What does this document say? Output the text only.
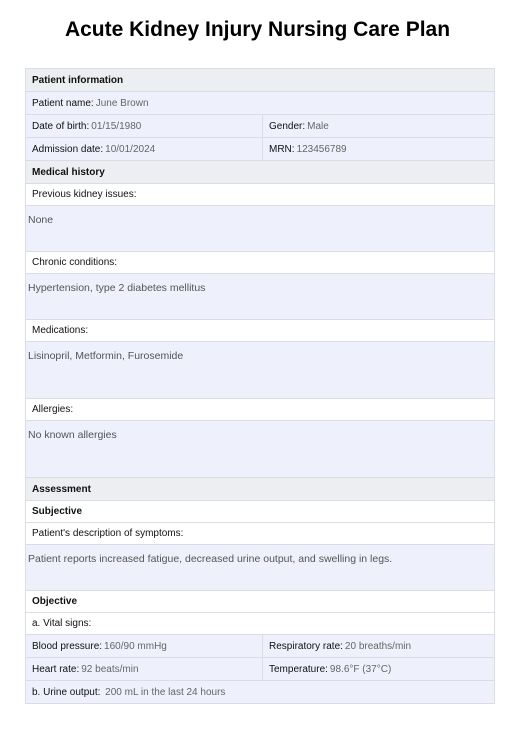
Acute Kidney Injury Nursing Care Plan
Patient information
Patient name: June Brown
Date of birth: 01/15/1980	Gender: Male
Admission date: 10/01/2024	MRN: 123456789
Medical history
Previous kidney issues:
None
Chronic conditions:
Hypertension, type 2 diabetes mellitus
Medications:
Lisinopril, Metformin, Furosemide
Allergies:
No known allergies
Assessment
Subjective
Patient's description of symptoms:
Patient reports increased fatigue, decreased urine output, and swelling in legs.
Objective
a. Vital signs:
Blood pressure: 160/90 mmHg	Respiratory rate: 20 breaths/min
Heart rate: 92 beats/min	Temperature: 98.6°F (37°C)
b. Urine output: 200 mL in the last 24 hours
